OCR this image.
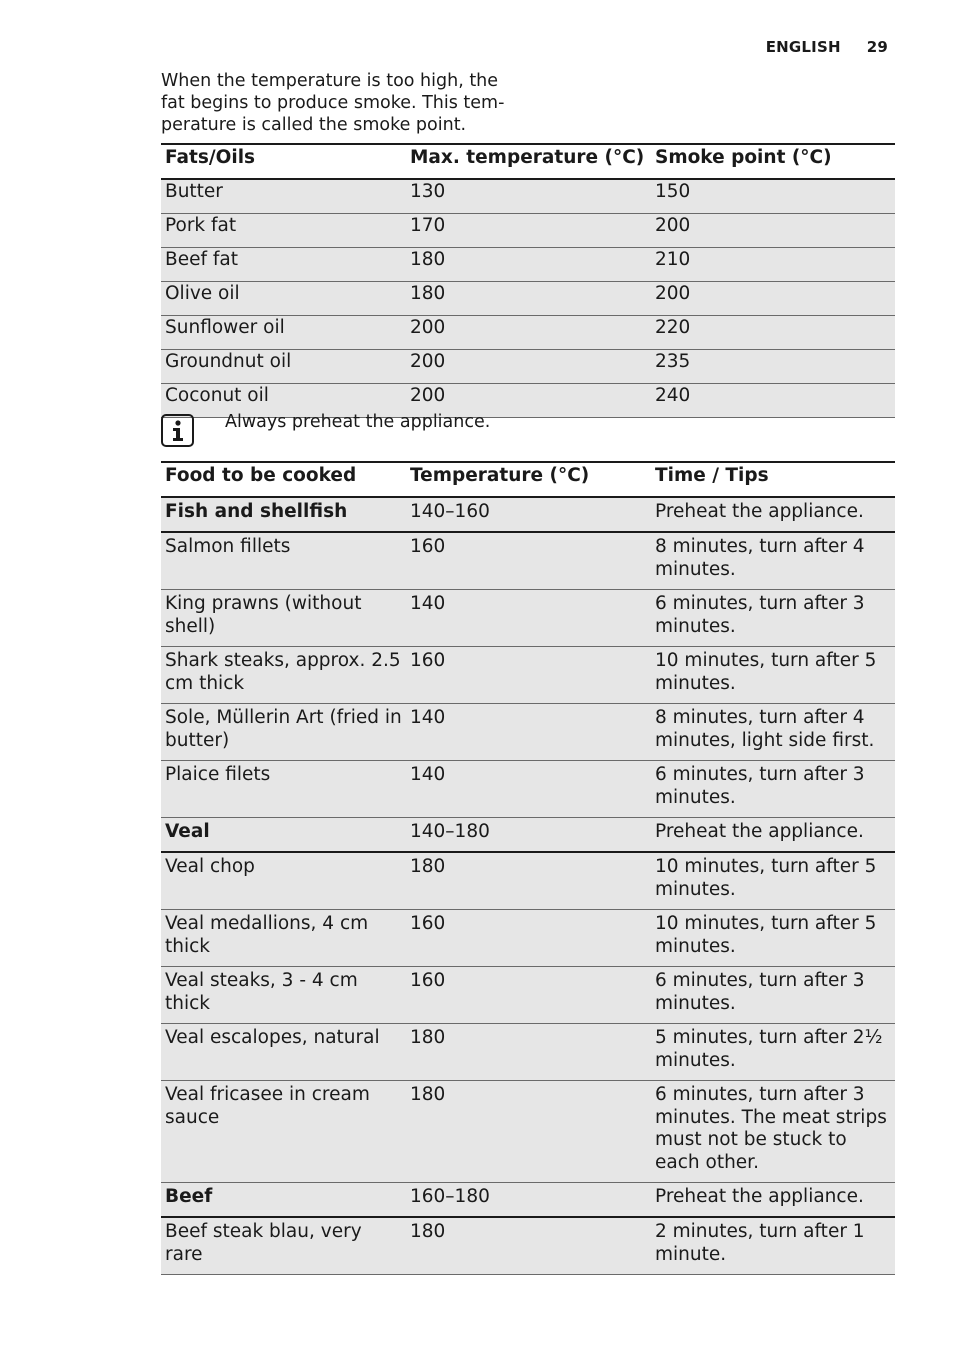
ENGLISH 29
When the temperature is too high, the
fat begins to produce smoke. This tem-
perature is called the smoke point.
Fats/Oils	Max. temperature (°C)	Smoke point (°C)
Butter	130	150
Pork fat	170	200
Beef fat	180	210
Olive oil	180	200
Sunflower oil	200	220
Groundnut oil	200	235
Coconut oil	200	240
Always preheat the appliance.
Food to be cooked	Temperature (°C)	Time / Tips
Fish and shellfish	140–160	Preheat the appliance.
Salmon fillets	160	8 minutes, turn after 4 minutes.
King prawns (without shell)	140	6 minutes, turn after 3 minutes.
Shark steaks, approx. 2.5 cm thick	160	10 minutes, turn after 5 minutes.
Sole, Müllerin Art (fried in butter)	140	8 minutes, turn after 4 minutes, light side first.
Plaice filets	140	6 minutes, turn after 3 minutes.
Veal	140–180	Preheat the appliance.
Veal chop	180	10 minutes, turn after 5 minutes.
Veal medallions, 4 cm thick	160	10 minutes, turn after 5 minutes.
Veal steaks, 3 - 4 cm thick	160	6 minutes, turn after 3 minutes.
Veal escalopes, natural	180	5 minutes, turn after 2½ minutes.
Veal fricasee in cream sauce	180	6 minutes, turn after 3 minutes. The meat strips must not be stuck to each other.
Beef	160–180	Preheat the appliance.
Beef steak blau, very rare	180	2 minutes, turn after 1 minute.
